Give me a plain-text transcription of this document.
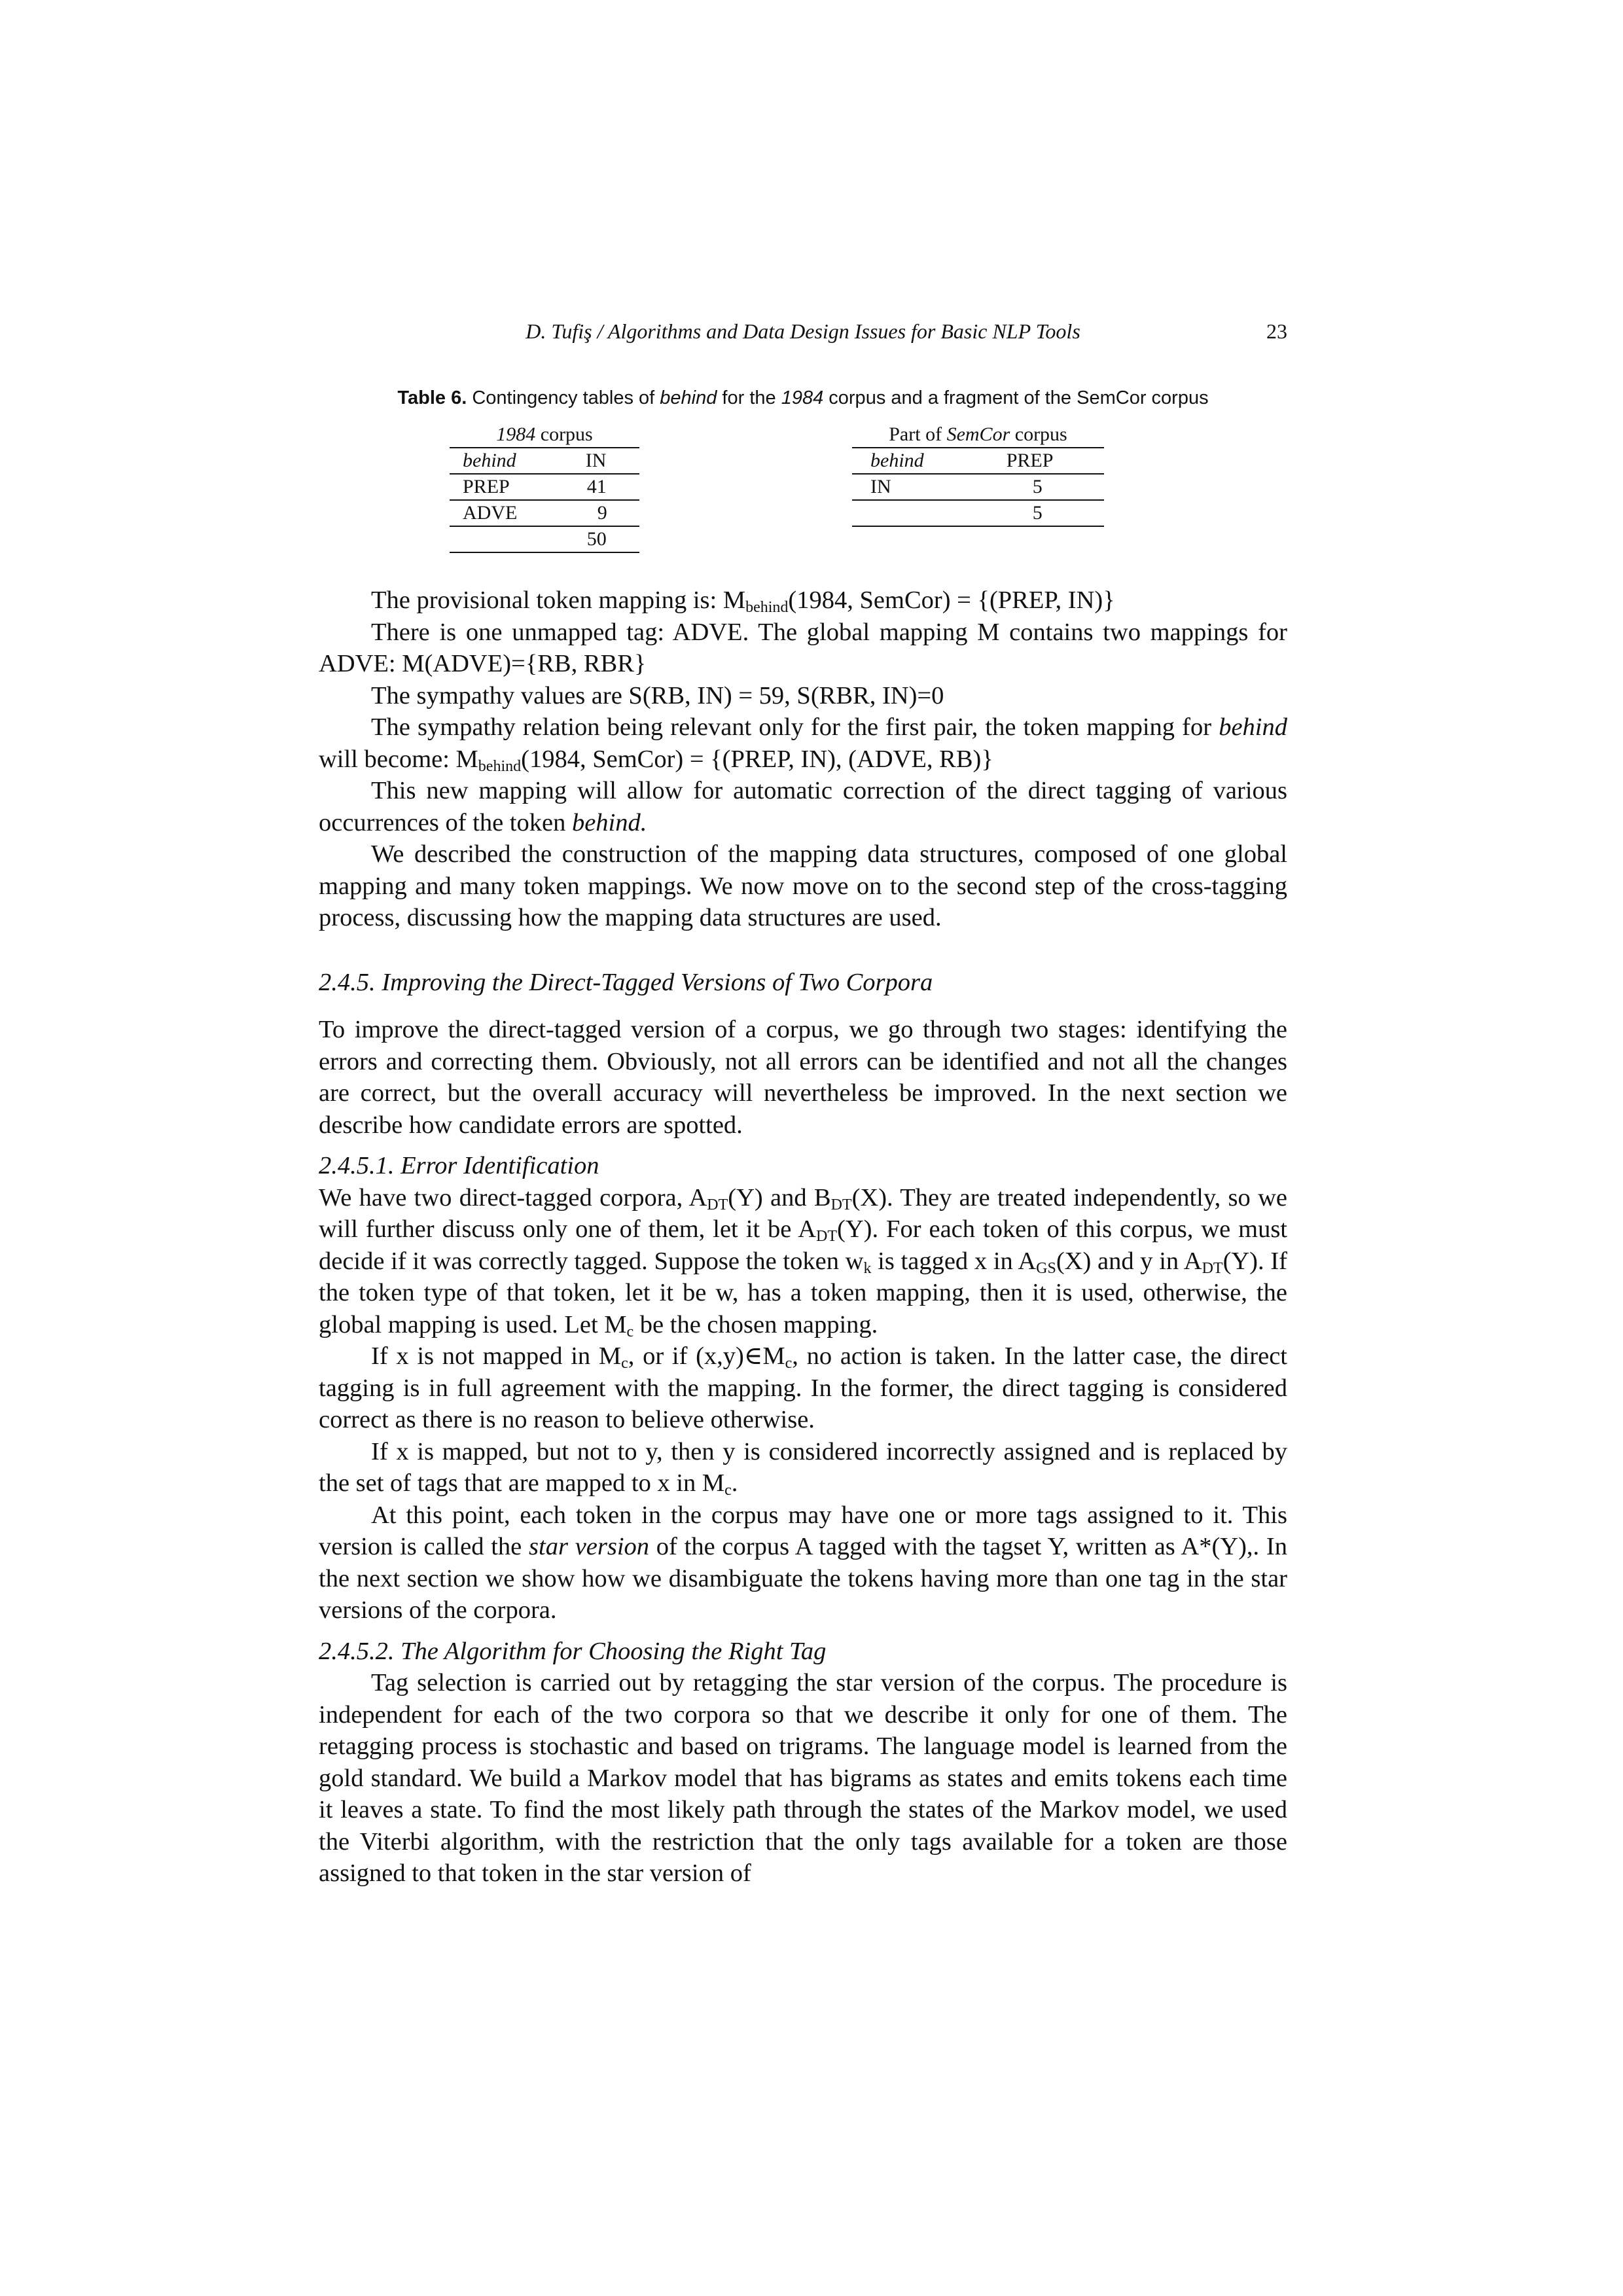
D. Tufiş / Algorithms and Data Design Issues for Basic NLP Tools	23
Table 6. Contingency tables of behind for the 1984 corpus and a fragment of the SemCor corpus
1984 corpus	
behind	IN
PREP	41
ADVE	9
	50
Part of SemCor corpus	
behind	PREP
IN	5
	5

The provisional token mapping is: $M_{behind}(1984$, SemCor) = {(PREP, IN)}

There is one unmapped tag: ADVE. The global mapping M contains two mappings for ADVE: M(ADVE)={RB, RBR}

The sympathy values are S(RB, IN) = 59, S(RBR, IN)=0

The sympathy relation being relevant only for the first pair, the token mapping for behind will become: $M_{behind}(1984$, SemCor) = {(PREP, IN), (ADVE, RB)}

This new mapping will allow for automatic correction of the direct tagging of various occurrences of the token behind.

We described the construction of the mapping data structures, composed of one global mapping and many token mappings. We now move on to the second step of the cross-tagging process, discussing how the mapping data structures are used.

2.4.5. Improving the Direct-Tagged Versions of Two Corpora

To improve the direct-tagged version of a corpus, we go through two stages: identifying the errors and correcting them. Obviously, not all errors can be identified and not all the changes are correct, but the overall accuracy will nevertheless be improved. In the next section we describe how candidate errors are spotted.

2.4.5.1. Error Identification

We have two direct-tagged corpora, $A_{DT}(Y)$ and $B_{DT}(X)$. They are treated independently, so we will further discuss only one of them, let it be $A_{DT}(Y)$. For each token of this corpus, we must decide if it was correctly tagged. Suppose the token $w_k$ is tagged x in $A_{GS}(X)$ and y in $A_{DT}(Y)$. If the token type of that token, let it be w, has a token mapping, then it is used, otherwise, the global mapping is used. Let $M_c$ be the chosen mapping.

If x is not mapped in $M_c$, or if $(x,y)\in M_c$, no action is taken. In the latter case, the direct tagging is in full agreement with the mapping. In the former, the direct tagging is considered correct as there is no reason to believe otherwise.

If x is mapped, but not to y, then y is considered incorrectly assigned and is replaced by the set of tags that are mapped to x in $M_c$.

At this point, each token in the corpus may have one or more tags assigned to it. This version is called the star version of the corpus A tagged with the tagset Y, written as A*(Y),. In the next section we show how we disambiguate the tokens having more than one tag in the star versions of the corpora.

2.4.5.2. The Algorithm for Choosing the Right Tag

Tag selection is carried out by retagging the star version of the corpus. The procedure is independent for each of the two corpora so that we describe it only for one of them. The retagging process is stochastic and based on trigrams. The language model is learned from the gold standard. We build a Markov model that has bigrams as states and emits tokens each time it leaves a state. To find the most likely path through the states of the Markov model, we used the Viterbi algorithm, with the restriction that the only tags available for a token are those assigned to that token in the star version of
